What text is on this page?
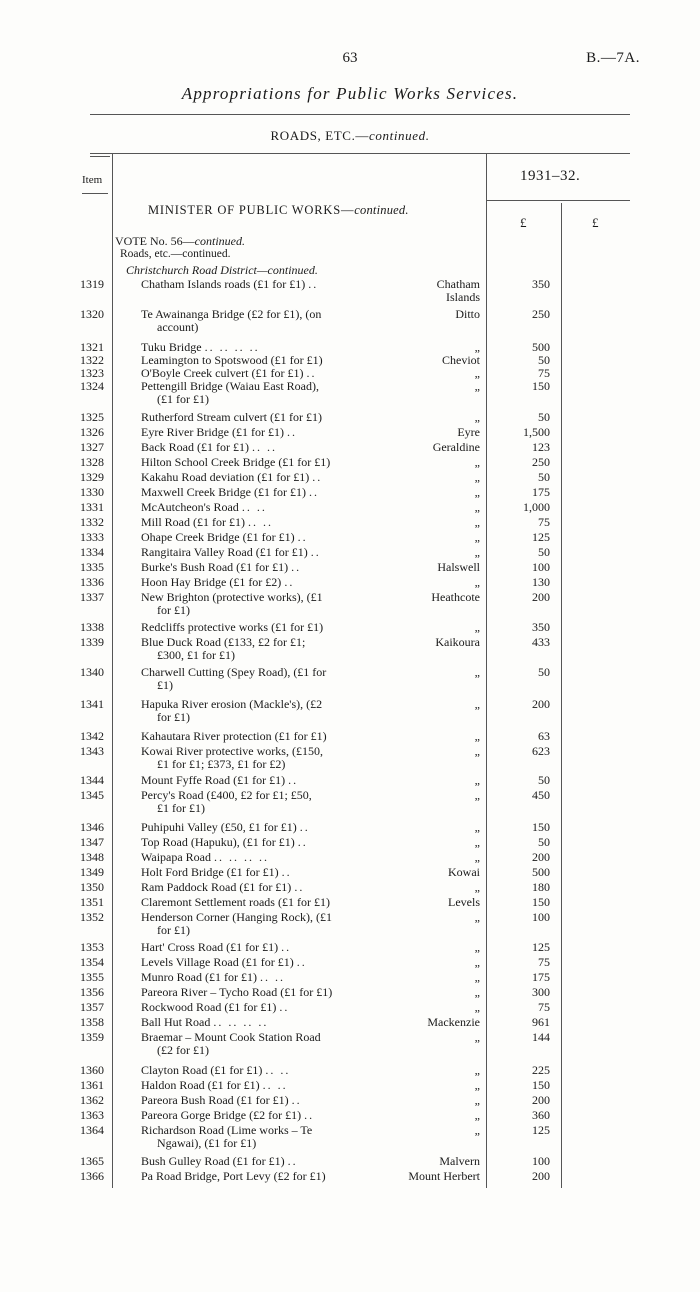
63	B.—7A.
Appropriations for Public Works Services.
ROADS, ETC.—continued.
Item	1931–32.
£	£
MINISTER OF PUBLIC WORKS—continued.
VOTE No. 56—continued.
Roads, etc.—continued.
Christchurch Road District—continued.
1319	Chatham Islands roads (£1 for £1) ..	Chatham
Islands
350
1320	Te Awainanga Bridge (£2 for £1), (on
account)
Ditto	250
1321	Tuku Bridge .. .. .. ..	„	500
1322	Leamington to Spotswood (£1 for £1)	Cheviot	50
1323	O'Boyle Creek culvert (£1 for £1) ..	„	75
1324	Pettengill Bridge (Waiau East Road),
(£1 for £1)
„	150
1325	Rutherford Stream culvert (£1 for £1)	„	50
1326	Eyre River Bridge (£1 for £1) ..	Eyre	1,500
1327	Back Road (£1 for £1) .. ..	Geraldine	123
1328	Hilton School Creek Bridge (£1 for £1)	„	250
1329	Kakahu Road deviation (£1 for £1) ..	„	50
1330	Maxwell Creek Bridge (£1 for £1) ..	„	175
1331	McAutcheon's Road .. ..	„	1,000
1332	Mill Road (£1 for £1) .. ..	„	75
1333	Ohape Creek Bridge (£1 for £1) ..	„	125
1334	Rangitaira Valley Road (£1 for £1) ..	„	50
1335	Burke's Bush Road (£1 for £1) ..	Halswell	100
1336	Hoon Hay Bridge (£1 for £2) ..	„	130
1337	New Brighton (protective works), (£1
for £1)
Heathcote	200
1338	Redcliffs protective works (£1 for £1)	„	350
1339	Blue Duck Road (£133, £2 for £1;
£300, £1 for £1)
Kaikoura	433
1340	Charwell Cutting (Spey Road), (£1 for
£1)
„	50
1341	Hapuka River erosion (Mackle's), (£2
for £1)
„	200
1342	Kahautara River protection (£1 for £1)	„	63
1343	Kowai River protective works, (£150,
£1 for £1; £373, £1 for £2)
„	623
1344	Mount Fyffe Road (£1 for £1) ..	„	50
1345	Percy's Road (£400, £2 for £1; £50,
£1 for £1)
„	450
1346	Puhipuhi Valley (£50, £1 for £1) ..	„	150
1347	Top Road (Hapuku), (£1 for £1) ..	„	50
1348	Waipapa Road .. .. .. ..	„	200
1349	Holt Ford Bridge (£1 for £1) ..	Kowai	500
1350	Ram Paddock Road (£1 for £1) ..	„	180
1351	Claremont Settlement roads (£1 for £1)	Levels	150
1352	Henderson Corner (Hanging Rock), (£1
for £1)
„	100
1353	Hart' Cross Road (£1 for £1) ..	„	125
1354	Levels Village Road (£1 for £1) ..	„	75
1355	Munro Road (£1 for £1) .. ..	„	175
1356	Pareora River – Tycho Road (£1 for £1)	„	300
1357	Rockwood Road (£1 for £1) ..	„	75
1358	Ball Hut Road .. .. .. ..	Mackenzie	961
1359	Braemar – Mount Cook Station Road
(£2 for £1)
„	144
1360	Clayton Road (£1 for £1) .. ..	„	225
1361	Haldon Road (£1 for £1) .. ..	„	150
1362	Pareora Bush Road (£1 for £1) ..	„	200
1363	Pareora Gorge Bridge (£2 for £1) ..	„	360
1364	Richardson Road (Lime works – Te
Ngawai), (£1 for £1)
„	125
1365	Bush Gulley Road (£1 for £1) ..	Malvern	100
1366	Pa Road Bridge, Port Levy (£2 for £1)	Mount Herbert	200
